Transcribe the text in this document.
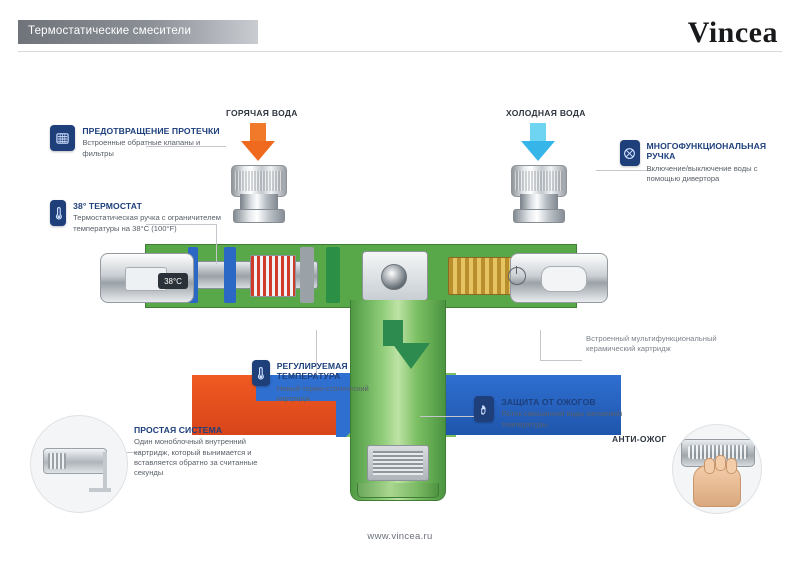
Термостатические смесители	Vincea
ГОРЯЧАЯ ВОДА	ХОЛОДНАЯ ВОДА
38°C
ПРЕДОТВРАЩЕНИЕ ПРОТЕЧКИ
Встроенные обратные клапаны и фильтры
38° ТЕРМОСТАТ
Термостатическая ручка с ограничителем температуры на 38°C (100°F)
МНОГОФУНКЦИОНАЛЬНАЯ РУЧКА
Включение/выключение воды с помощью дивертора
РЕГУЛИРУЕМАЯ ТЕМПЕРАТУРА
Новый термо-статический картридж	ЗАЩИТА ОТ ОЖОГОВ
Поток смешанной воды желаемой температуры
ПРОСТАЯ СИСТЕМА
Один моноблочный внутренний картридж, который вынимается и вставляется обратно за считанные секунды
Встроенный мультифункциональный керамический картридж
АНТИ-ОЖОГ
www.vincea.ru
